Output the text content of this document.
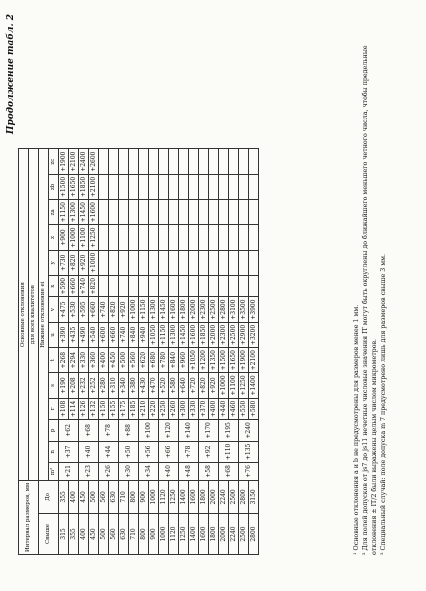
Продолжение табл. 2
Интервал размеров, мм		Основные отклонения													
		для всех квалитетов													
Свыше	До	Нижнее отклонение ei													
		m³	n	p	r	s	t	u	v	x	y	z	za	zb	zc
315	355	+21	+37	+62	+108	+190	+268	+390	+475	+590	+730	+900	+1150	+1500	+1900
355	400				+114	+208	+294	+435	+530	+660	+820	+1000	+1300	+1650	+2100
400	450	+23	+40	+68	+126	+232	+330	+490	+595	+740	+920	+1100	+1450	+1850	+2400
450	500				+132	+252	+360	+540	+660	+820	+1000	+1250	+1600	+2100	+2600
500	560	+26	+44	+78	+150	+280	+400	+600	+740						
560	630				+155	+310	+450	+660	+820						
630	710	+30	+50	+88	+175	+340	+500	+740	+920						
710	800				+185	+380	+560	+840	+1000						
800	900	+34	+56	+100	+210	+430	+620	+940	+1150						
900	1000				+220	+470	+680	+1050	+1300						
1000	1120	+40	+66	+120	+250	+520	+780	+1150	+1450						
1120	1250				+260	+580	+840	+1300	+1600						
1250	1400	+48	+78	+140	+300	+640	+960	+1450	+1800						
1400	1600				+330	+720	+1050	+1600	+2000						
1600	1800	+58	+92	+170	+370	+820	+1200	+1850	+2300						
1800	2000				+400	+920	+1350	+2000	+2500						
2000	2240	+68	+110	+195	+440	+1000	+1500	+2300	+2800						
2240	2500				+460	+1100	+1650	+2500	+3100						
2500	2800	+76	+135	+240	+550	+1250	+1900	+2900	+3500						
2800	3150				+580	+1400	+2100	+3200	+3900							¹ Основные отклонения a и b не предусмотрены для размеров менее 1 мм. ² Для полей допусков от js7 до js11 нечетные числовые значения IT могут быть округлены до ближайшего меньшего четного числа, чтобы предельные отклонения ± IT/2 были выражены целым числом микрометров. ³ Специальный случай: поле допуска m 7 предусмотрено лишь для размеров свыше 3 мм.
